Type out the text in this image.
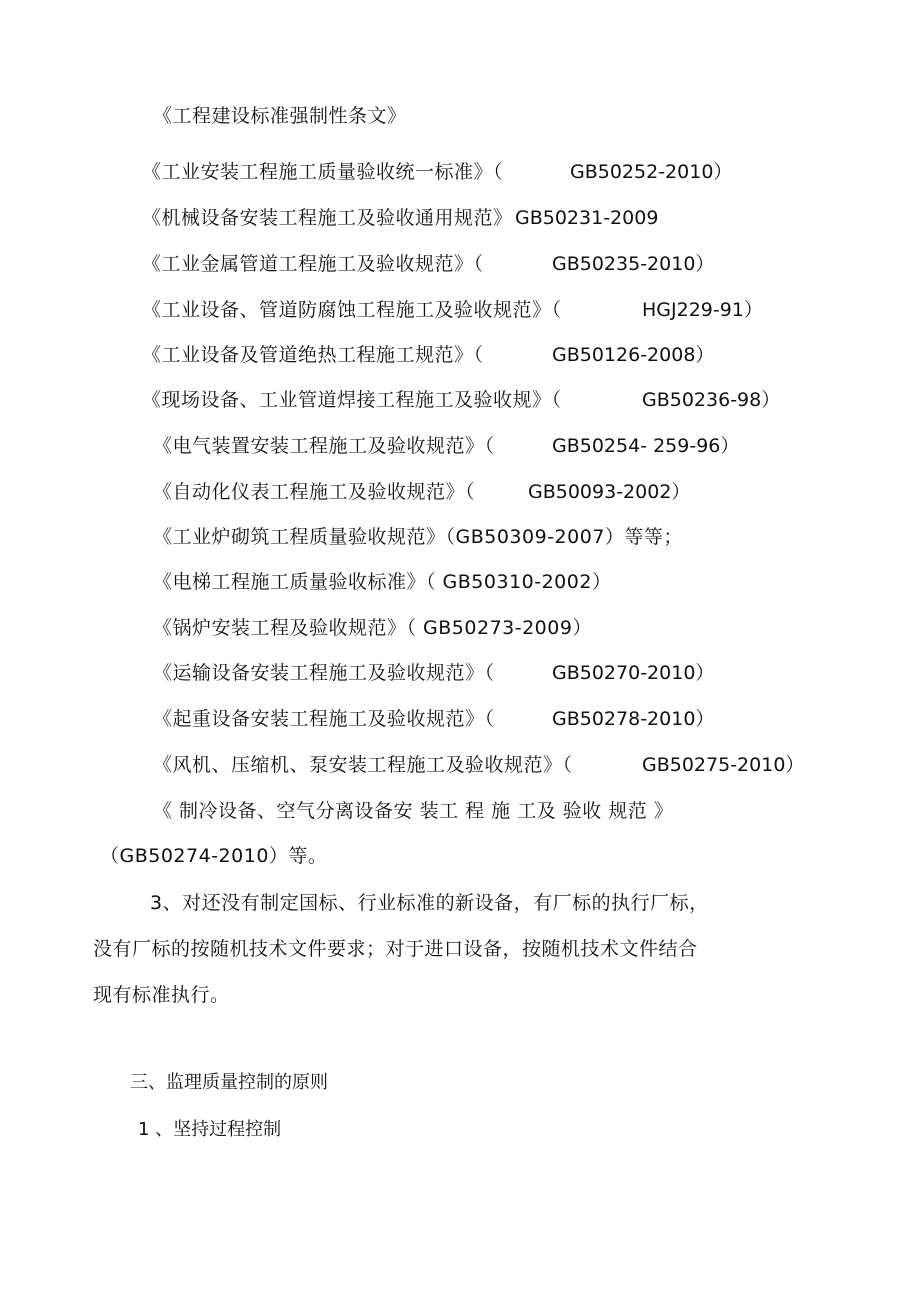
《工程建设标准强制性条文》
《工业安装工程施工质量验收统一标准》（	GB50252-2010）
《机械设备安装工程施工及验收通用规范》 GB50231-2009
《工业金属管道工程施工及验收规范》（	GB50235-2010）
《工业设备、管道防腐蚀工程施工及验收规范》（	HGJ229-91）
《工业设备及管道绝热工程施工规范》（	GB50126-2008）
《现场设备、工业管道焊接工程施工及验收规》（	GB50236-98）
《电气装置安装工程施工及验收规范》（	GB50254- 259-96）
《自动化仪表工程施工及验收规范》（	GB50093-2002）
《工业炉砌筑工程质量验收规范》（GB50309-2007）等等；
《电梯工程施工质量验收标准》（ GB50310-2002）
《锅炉安装工程及验收规范》（ GB50273-2009）
《运输设备安装工程施工及验收规范》（	GB50270-2010）
《起重设备安装工程施工及验收规范》（	GB50278-2010）
《风机、压缩机、泵安装工程施工及验收规范》（	GB50275-2010）
《 制冷设备、空气分离设备安 装工 程 施 工及 验收 规范 》
（GB50274-2010）等。
3、对还没有制定国标、行业标准的新设备，有厂标的执行厂标，
没有厂标的按随机技术文件要求；对于进口设备，按随机技术文件结合
现有标准执行。
三、监理质量控制的原则
1 、坚持过程控制
